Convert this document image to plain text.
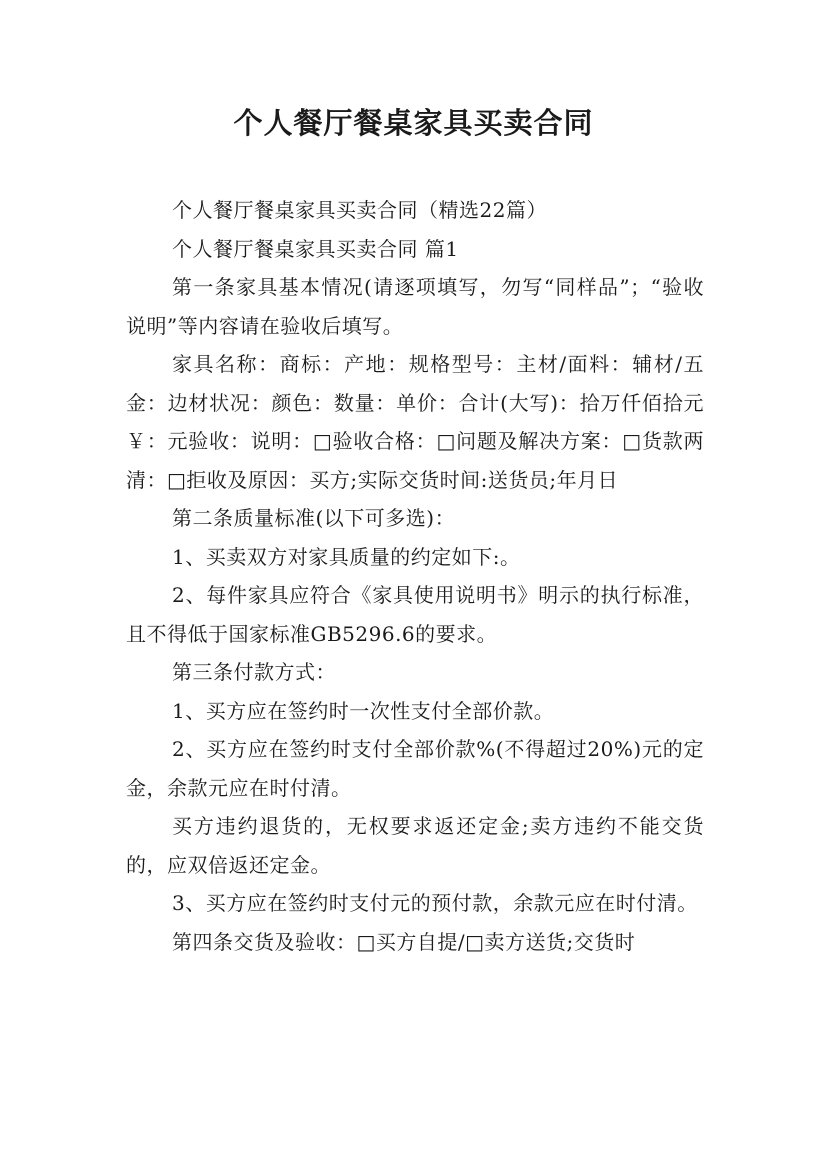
个人餐厅餐桌家具买卖合同

个人餐厅餐桌家具买卖合同（精选22篇）

个人餐厅餐桌家具买卖合同 篇1

第一条家具基本情况(请逐项填写，勿写“同样品”；“验收说明”等内容请在验收后填写。

家具名称：商标：产地：规格型号：主材/面料：辅材/五金：边材状况：颜色：数量：单价：合计(大写)：拾万仟佰拾元￥：元验收：说明：□验收合格：□问题及解决方案：□货款两清：□拒收及原因：买方;实际交货时间:送货员;年月日

第二条质量标准(以下可多选)：

1、买卖双方对家具质量的约定如下:。

2、每件家具应符合《家具使用说明书》明示的执行标准，且不得低于国家标准GB5296.6的要求。

第三条付款方式：

1、买方应在签约时一次性支付全部价款。

2、买方应在签约时支付全部价款%(不得超过20%)元的定金，余款元应在时付清。

买方违约退货的，无权要求返还定金;卖方违约不能交货的，应双倍返还定金。

3、买方应在签约时支付元的预付款，余款元应在时付清。

第四条交货及验收：□买方自提/□卖方送货;交货时
